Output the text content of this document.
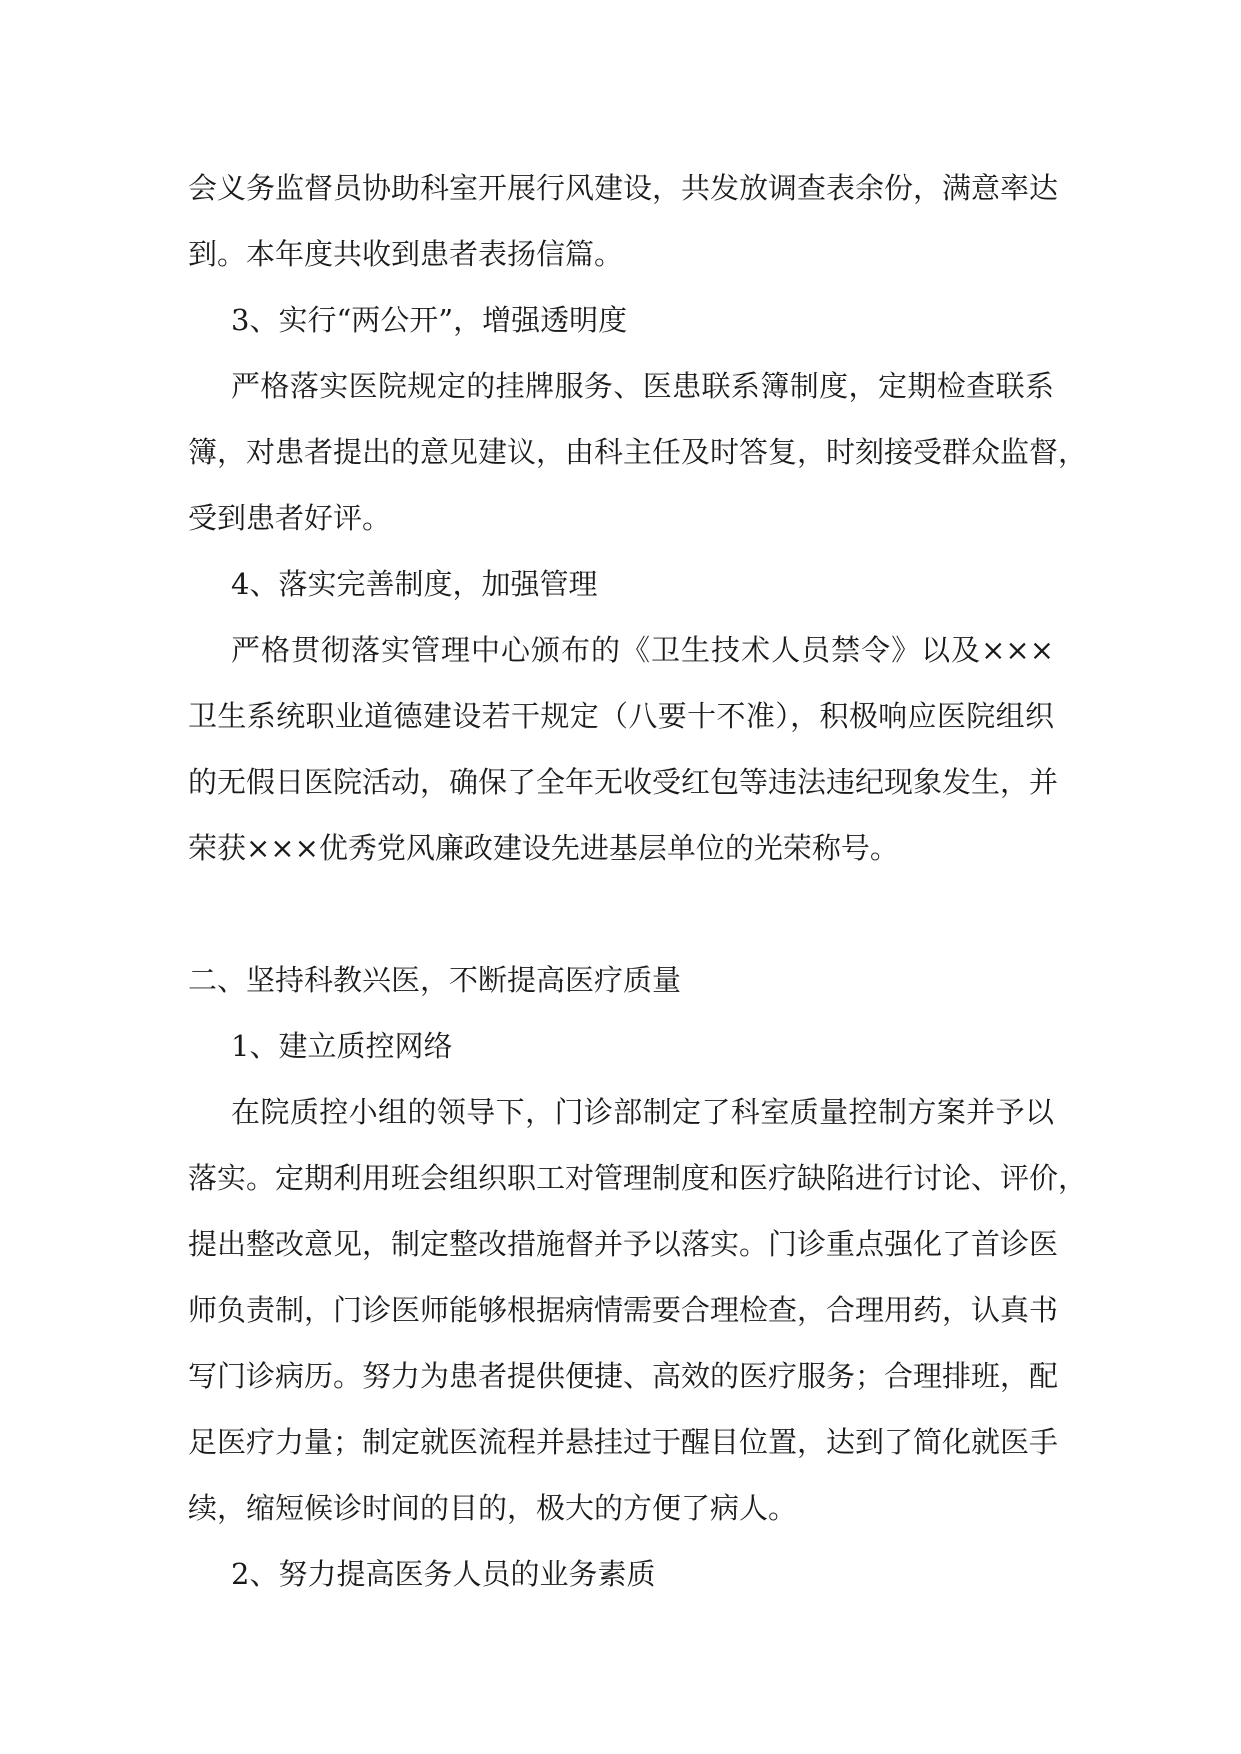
会义务监督员协助科室开展行风建设，共发放调查表余份，满意率达
到。本年度共收到患者表扬信篇。
3、实行“两公开”，增强透明度
严格落实医院规定的挂牌服务、医患联系簿制度，定期检查联系
簿，对患者提出的意见建议，由科主任及时答复，时刻接受群众监督，
受到患者好评。
4、落实完善制度，加强管理
严格贯彻落实管理中心颁布的《卫生技术人员禁令》以及×××
卫生系统职业道德建设若干规定（八要十不准），积极响应医院组织
的无假日医院活动，确保了全年无收受红包等违法违纪现象发生，并
荣获×××优秀党风廉政建设先进基层单位的光荣称号。
二、坚持科教兴医，不断提高医疗质量
1、建立质控网络
在院质控小组的领导下，门诊部制定了科室质量控制方案并予以
落实。定期利用班会组织职工对管理制度和医疗缺陷进行讨论、评价，
提出整改意见，制定整改措施督并予以落实。门诊重点强化了首诊医
师负责制，门诊医师能够根据病情需要合理检查，合理用药，认真书
写门诊病历。努力为患者提供便捷、高效的医疗服务；合理排班，配
足医疗力量；制定就医流程并悬挂过于醒目位置，达到了简化就医手
续，缩短候诊时间的目的，极大的方便了病人。
2、努力提高医务人员的业务素质
